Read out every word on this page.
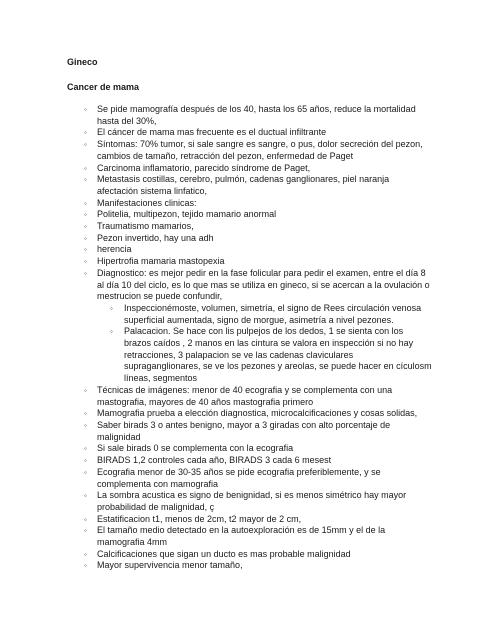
Gineco

Cancer de mama

◦ Se pide mamografía después de los 40, hasta los 65 años, reduce la mortalidad hasta del 30%,
◦ El cáncer de mama mas frecuente es el ductual infiltrante
◦ Síntomas: 70% tumor, si sale sangre es sangre, o pus, dolor secreción del pezon, cambios de tamaño, retracción del pezon, enfermedad de Paget
◦ Carcinoma inflamatorio, parecido síndrome de Paget,
◦ Metastasis costillas, cerebro, pulmón, cadenas ganglionares, piel naranja afectación sistema linfatico,
◦ Manifestaciones clinicas:
◦ Politelia, multipezon, tejido mamario anormal
◦ Traumatismo mamarios,
◦ Pezon invertido, hay una adh
◦ herencia
◦ Hipertrofia mamaria mastopexia
◦ Diagnostico: es mejor pedir en la fase folicular para pedir el examen, entre el día 8 al día 10 del ciclo, es lo que mas se utiliza en gineco, si se acercan a la ovulación o mestrucion se puede confundir,
◦ Inspeccionémoste, volumen, simetría, el signo de Rees circulación venosa superficial aumentada, signo de morgue, asimetría a nivel pezones.
◦ Palacacion. Se hace con lis pulpejos de los dedos, 1 se sienta con los brazos caídos , 2 manos en las cintura se valora en inspección si no hay retracciones, 3 palapacion se ve las cadenas claviculares supraganglionares, se ve los pezones y areolas, se puede hacer en cículosm líneas, segmentos
◦ Técnicas de imágenes: menor de 40 ecografia y se complementa con una mastografia, mayores de 40 años mastografia primero
◦ Mamografia prueba a elección diagnostica, microcalcificaciones y cosas solidas,
◦ Saber birads 3 o antes benigno, mayor a 3 giradas con alto porcentaje de malignidad
◦ Si sale birads 0 se complementa con la ecografia
◦ BIRADS 1,2 controles cada año, BIRADS 3 cada 6 mesest
◦ Ecografia menor de 30-35 años se pide ecografia preferiblemente, y se complementa con mamografia
◦ La sombra acustica es signo de benignidad, si es menos simétrico hay mayor probabilidad de malignidad, ç
◦ Estatificacion t1, menos de 2cm, t2 mayor de 2 cm,
◦ El tamaño medio detectado en la autoexploración es de 15mm y el de la mamografia 4mm
◦ Calcificaciones que sigan un ducto es mas probable malignidad
◦ Mayor supervivencia menor tamaño,
